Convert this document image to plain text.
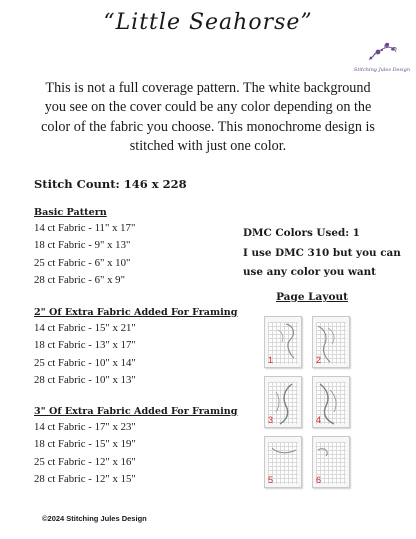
“Little Seahorse”
Stitching Jules Design
This is not a full coverage pattern. The white background you see on the cover could be any color depending on the color of the fabric you choose. This monochrome design is stitched with just one color.
Stitch Count: 146 x 228
Basic Pattern
14 ct Fabric - 11" x 17"
18 ct Fabric - 9" x 13"
25 ct Fabric - 6" x 10"
28 ct Fabric - 6" x 9"
2" Of Extra Fabric Added For Framing
14 ct Fabric - 15" x 21"
18 ct Fabric - 13" x 17"
25 ct Fabric - 10" x 14"
28 ct Fabric - 10" x 13"
3" Of Extra Fabric Added For Framing
14 ct Fabric - 17" x 23"
18 ct Fabric - 15" x 19"
25 ct Fabric - 12" x 16"
28 ct Fabric - 12" x 15"
DMC Colors Used: 1
I use DMC 310 but you can
use any color you want
Page Layout
1	2
3	4
5	6
©2024 Stitching Jules Design
